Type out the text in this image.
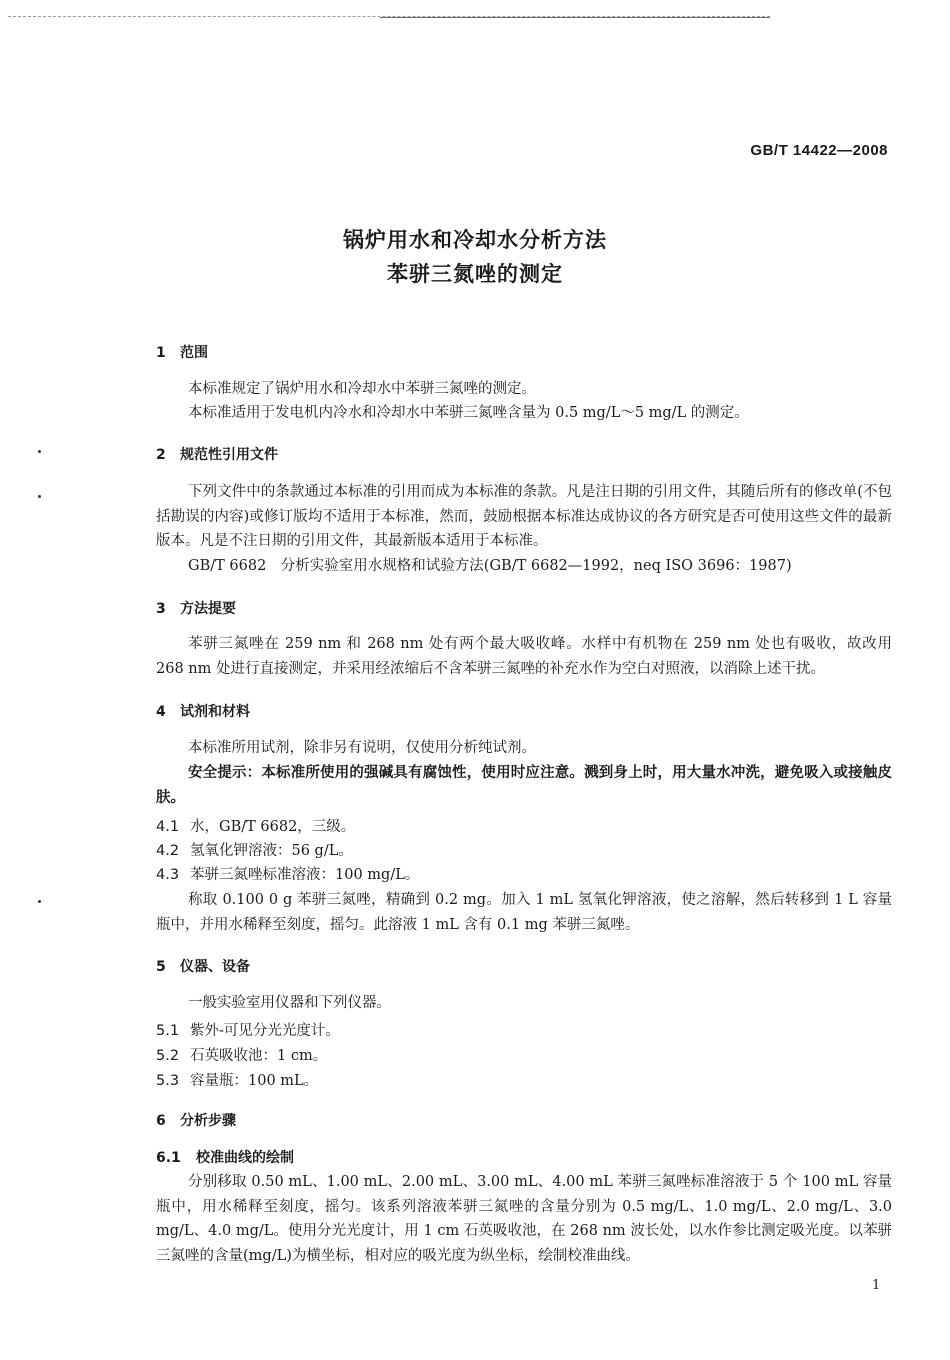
GB/T 14422—2008
锅炉用水和冷却水分析方法
苯骈三氮唑的测定
1 范围
本标准规定了锅炉用水和冷却水中苯骈三氮唑的测定。
本标准适用于发电机内冷水和冷却水中苯骈三氮唑含量为 0.5 mg/L～5 mg/L 的测定。
2 规范性引用文件
下列文件中的条款通过本标准的引用而成为本标准的条款。凡是注日期的引用文件，其随后所有的修改单(不包括勘误的内容)或修订版均不适用于本标准，然而，鼓励根据本标准达成协议的各方研究是否可使用这些文件的最新版本。凡是不注日期的引用文件，其最新版本适用于本标准。
GB/T 6682　分析实验室用水规格和试验方法(GB/T 6682—1992，neq ISO 3696：1987)
3 方法提要
苯骈三氮唑在 259 nm 和 268 nm 处有两个最大吸收峰。水样中有机物在 259 nm 处也有吸收，故改用 268 nm 处进行直接测定，并采用经浓缩后不含苯骈三氮唑的补充水作为空白对照液，以消除上述干扰。
4 试剂和材料
本标准所用试剂，除非另有说明，仅使用分析纯试剂。
安全提示：本标准所使用的强碱具有腐蚀性，使用时应注意。溅到身上时，用大量水冲洗，避免吸入或接触皮肤。
4.1 水，GB/T 6682，三级。
4.2 氢氧化钾溶液：56 g/L。
4.3 苯骈三氮唑标准溶液：100 mg/L。
称取 0.100 0 g 苯骈三氮唑，精确到 0.2 mg。加入 1 mL 氢氧化钾溶液，使之溶解，然后转移到 1 L 容量瓶中，并用水稀释至刻度，摇匀。此溶液 1 mL 含有 0.1 mg 苯骈三氮唑。
5 仪器、设备
一般实验室用仪器和下列仪器。
5.1 紫外-可见分光光度计。
5.2 石英吸收池：1 cm。
5.3 容量瓶：100 mL。
6 分析步骤
6.1 校准曲线的绘制
分别移取 0.50 mL、1.00 mL、2.00 mL、3.00 mL、4.00 mL 苯骈三氮唑标准溶液于 5 个 100 mL 容量瓶中，用水稀释至刻度，摇匀。该系列溶液苯骈三氮唑的含量分别为 0.5 mg/L、1.0 mg/L、2.0 mg/L、3.0 mg/L、4.0 mg/L。使用分光光度计，用 1 cm 石英吸收池，在 268 nm 波长处，以水作参比测定吸光度。以苯骈三氮唑的含量(mg/L)为横坐标，相对应的吸光度为纵坐标，绘制校准曲线。
1
